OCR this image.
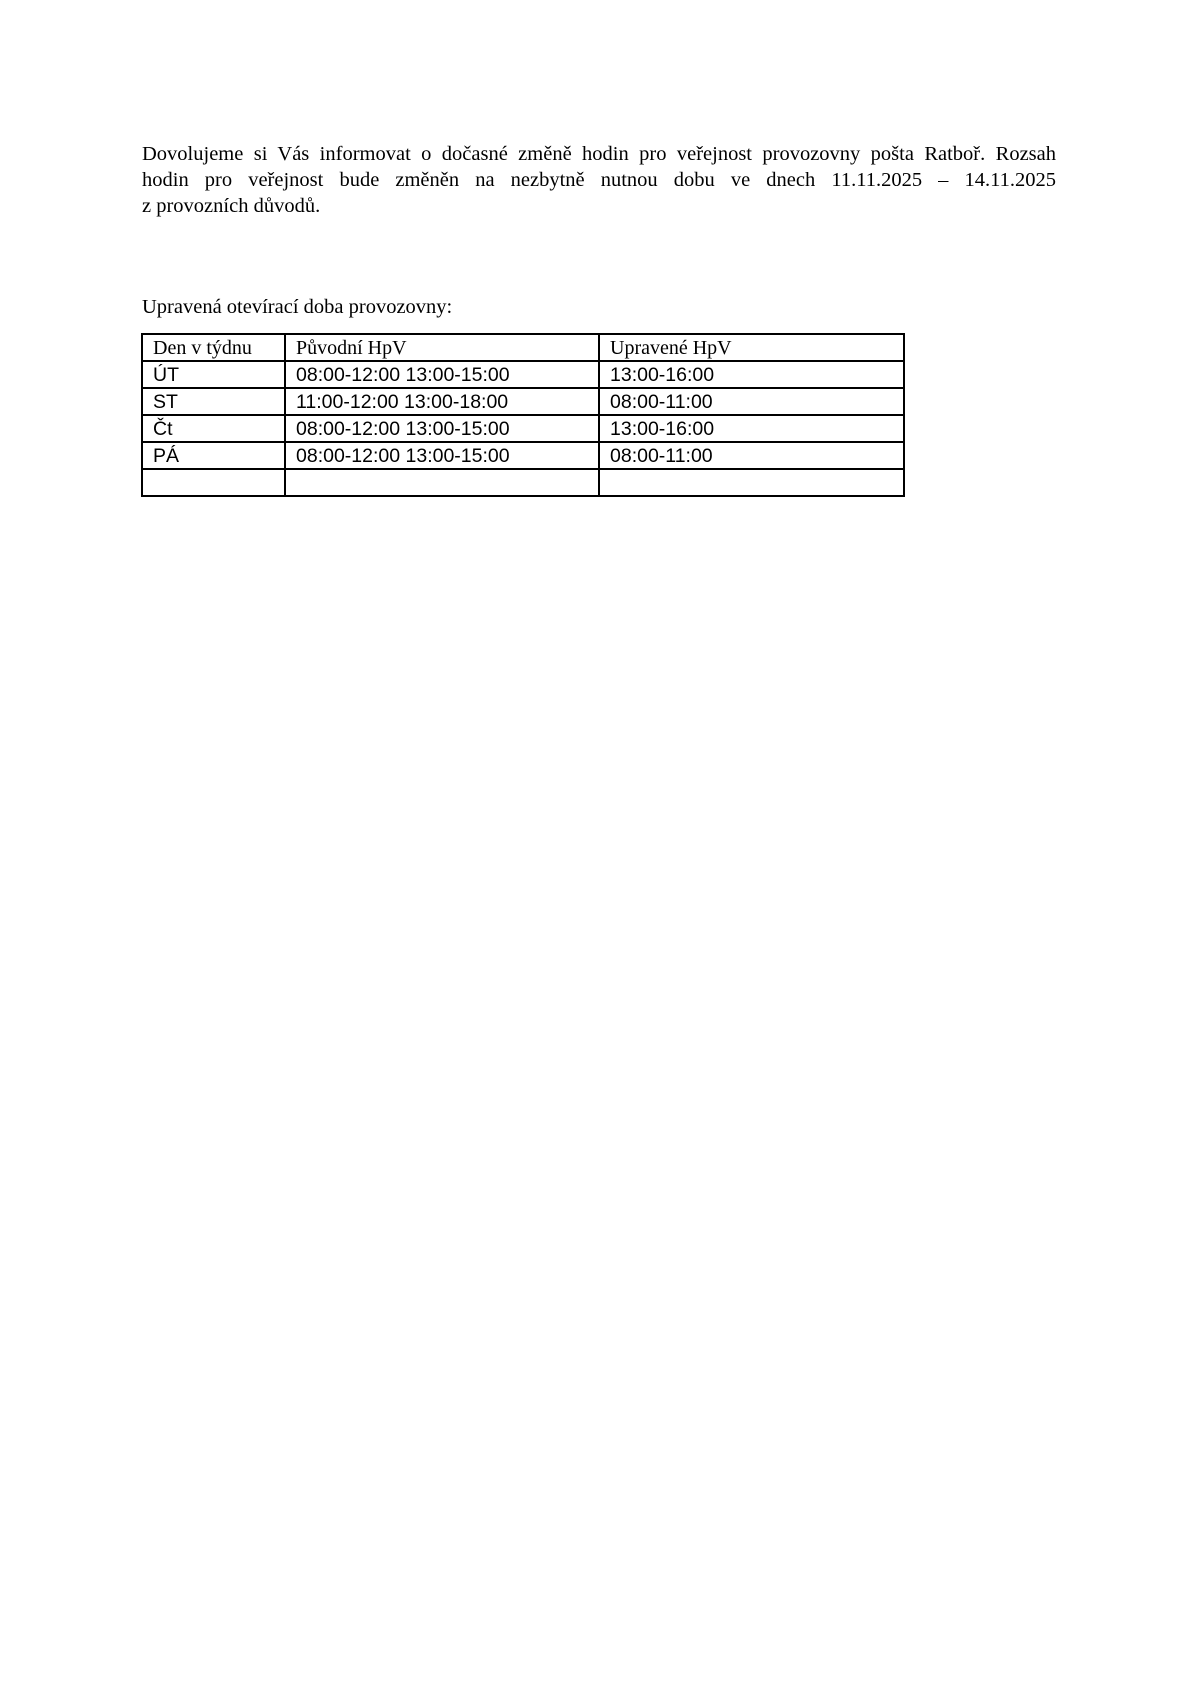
Dovolujeme si Vás informovat o dočasné změně hodin pro veřejnost provozovny pošta Ratboř. Rozsah
hodin pro veřejnost bude změněn na nezbytně nutnou dobu ve dnech 11.11.2025 – 14.11.2025
z provozních důvodů.

Upravená otevírací doba provozovny:

Den v týdnu	Původní HpV	Upravené HpV
ÚT	08:00-12:00 13:00-15:00	13:00-16:00
ST	11:00-12:00 13:00-18:00	08:00-11:00
Čt	08:00-12:00 13:00-15:00	13:00-16:00
PÁ	08:00-12:00 13:00-15:00	08:00-11:00
